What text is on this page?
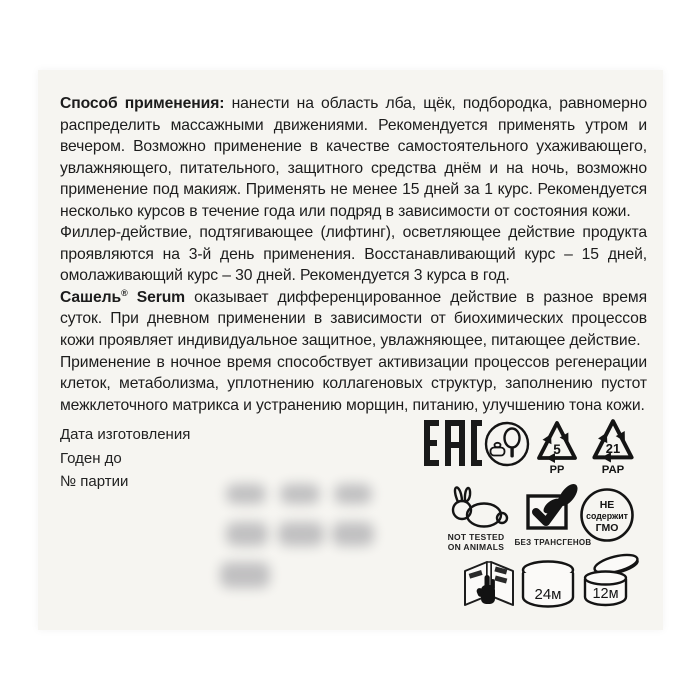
Способ применения: нанести на область лба, щёк, подбородка, равномерно распределить массажными движениями. Рекомендуется применять утром и вечером. Возможно применение в качестве самостоятельного ухаживающего, увлажняющего, питательного, защитного средства днём и на ночь, возможно применение под макияж. Применять не менее 15 дней за 1 курс. Рекомендуется несколько курсов в течение года или подряд в зависимости от состояния кожи.

Филлер-действие, подтягивающее (лифтинг), осветляющее действие продукта проявляются на 3-й день применения. Восстанавливающий курс – 15 дней, омолаживающий курс – 30 дней. Рекомендуется 3 курса в год.

Сашель® Serum оказывает дифференцированное действие в разное время суток. При дневном применении в зависимости от биохимических процессов кожи проявляет индивидуальное защитное, увлажняющее, питающее действие.

Применение в ночное время способствует активизации процессов регенерации клеток, метаболизма, уплотнению коллагеновых структур, заполнению пустот межклеточного матрикса и устранению морщин, питанию, улучшению тона кожи.

Дата изготовления
Годен до
№ партии
5
PP
21
PAP
NOT TESTED
ON ANIMALS	БЕЗ ТРАНСГЕНОВ
НЕ
содержит
ГМО
24м 12м
